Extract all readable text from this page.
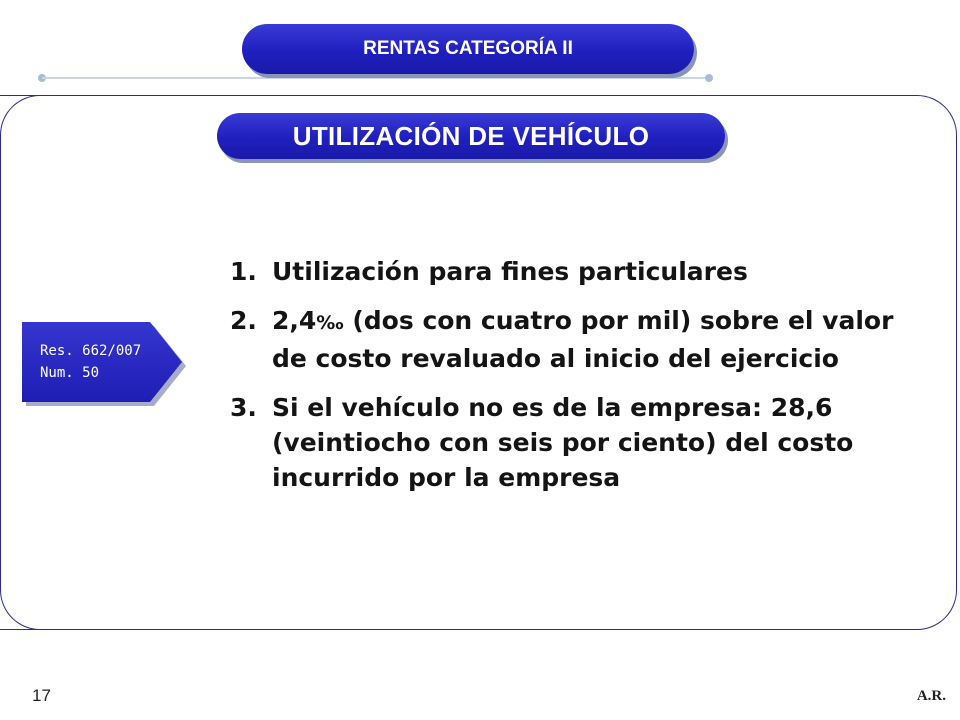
RENTAS CATEGORÍA II
UTILIZACIÓN DE VEHÍCULO
Res. 662/007
Num. 50
1. Utilización para fines particulares
2. 2,4‰ (dos con cuatro por mil) sobre el valor de costo revaluado al inicio del ejercicio
3. Si el vehículo no es de la empresa: 28,6 (veintiocho con seis por ciento) del costo incurrido por la empresa
17	A.R.
